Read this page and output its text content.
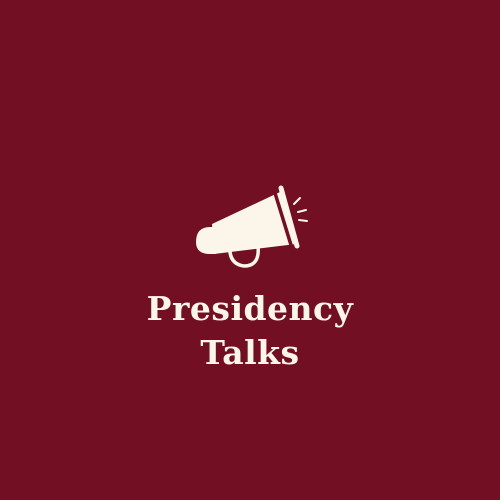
Presidency
Talks
